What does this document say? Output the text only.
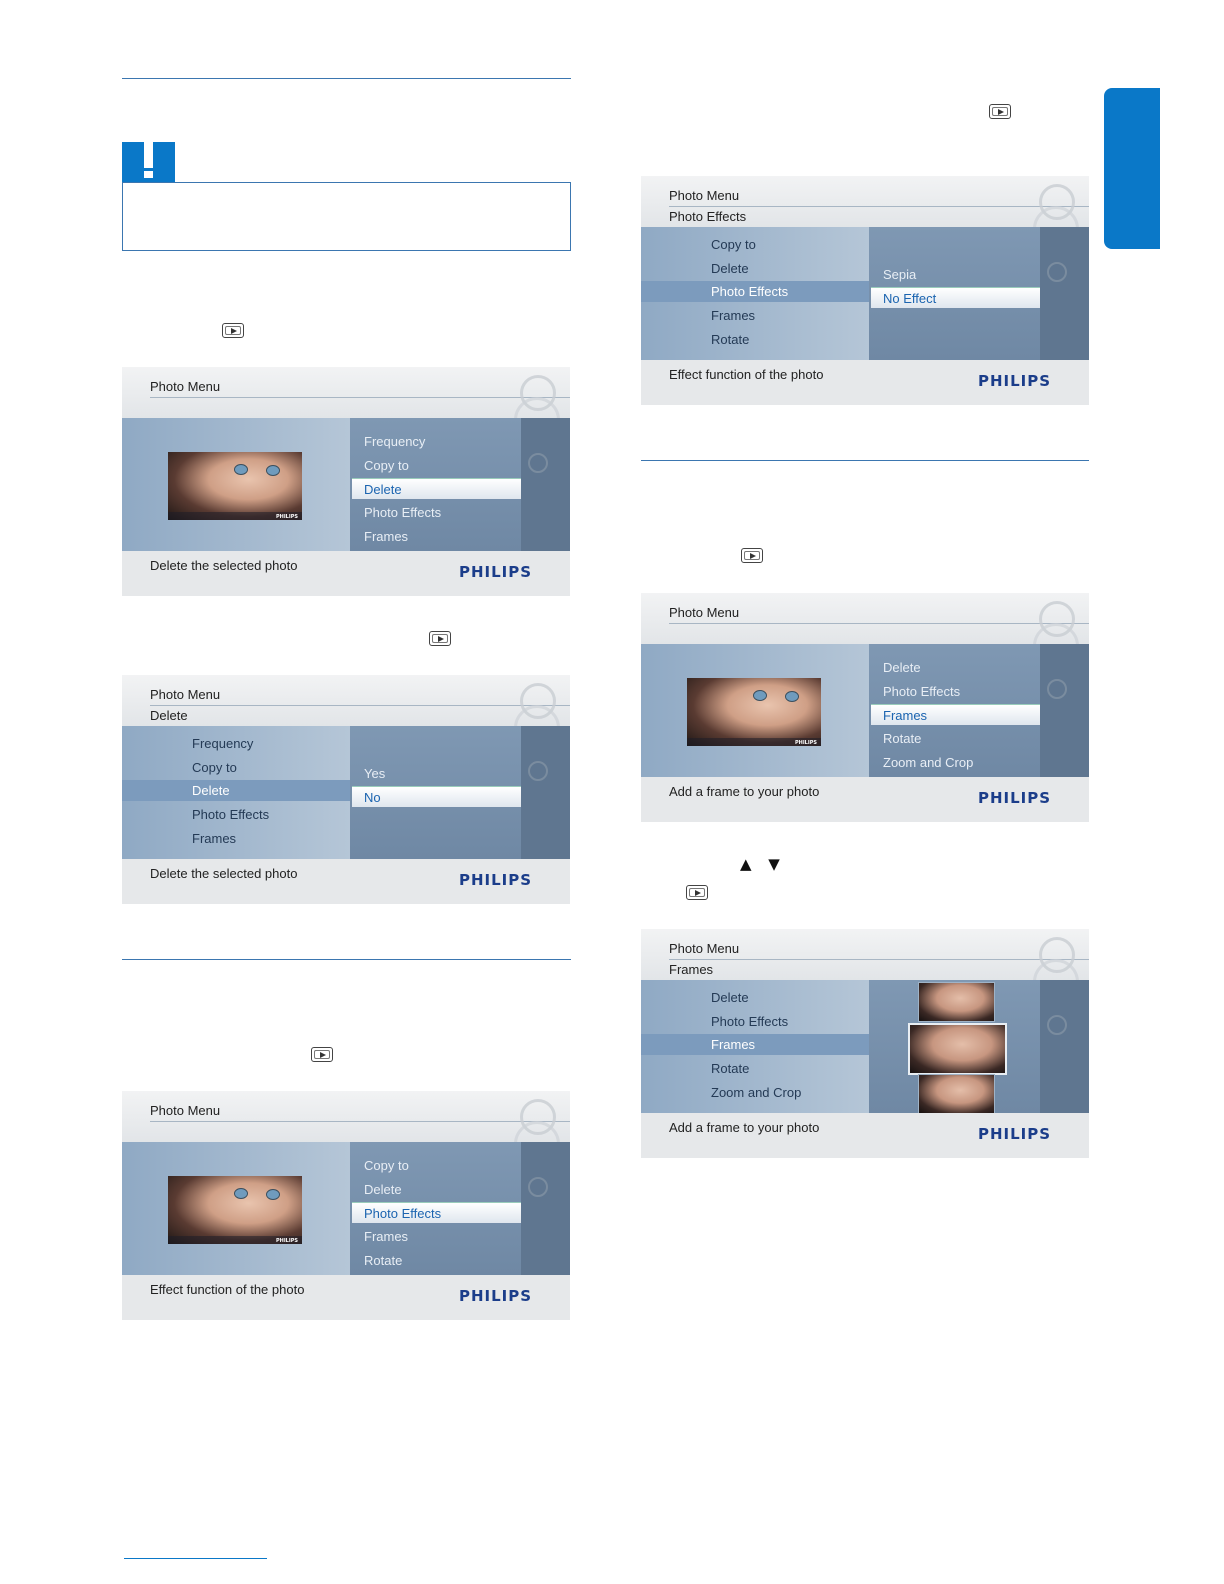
▲ ▼
Photo Menu
PHILIPS
Frequency
Copy to
Delete
Photo Effects
Frames
Delete the selected photo	PHILIPS
Photo Menu
Delete
Frequency
Copy to
Delete
Photo Effects
Frames
Yes
No
Delete the selected photo	PHILIPS
Photo Menu
PHILIPS
Copy to
Delete
Photo Effects
Frames
Rotate
Effect function of the photo	PHILIPS
Photo Menu
Photo Effects
Copy to
Delete
Photo Effects
Frames
Rotate
Sepia
No Effect
Effect function of the photo	PHILIPS
Photo Menu
PHILIPS
Delete
Photo Effects
Frames
Rotate
Zoom and Crop
Add a frame to your photo	PHILIPS
Photo Menu
Frames
Delete
Photo Effects
Frames
Rotate
Zoom and Crop
Add a frame to your photo	PHILIPS
